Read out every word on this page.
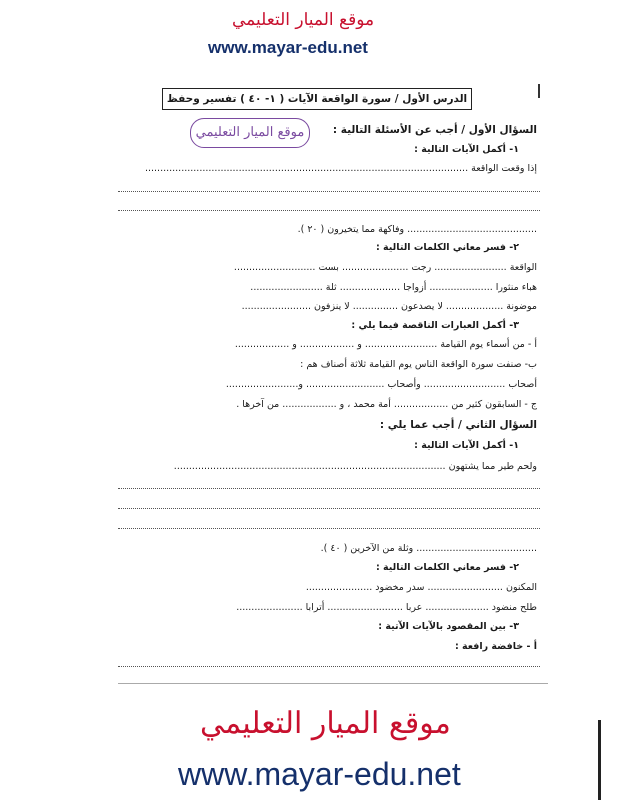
موقع الميار التعليمي
www.mayar-edu.net
الدرس الأول / سورة الواقعة الآيات ( ١- ٤٠ ) تفسير وحفظ
موقع الميار التعليمي	السؤال الأول / أجب عن الأسئلة التالية :
١- أكمل الآيات التالية :
إذا وقعت الواقعة ...........................................................................................................
........................................... وفاكهة مما يتخيرون ( ٢٠ ).
٢- فسر معاني الكلمات التالية :
الواقعة ........................ رجت ...................... بست ...........................
هباء منثورا ..................... أزواجا .................... ثلة ........................
موضونة ................... لا يصدعون ............... لا ينزفون .......................
٣- أكمل العبارات الناقصة فيما يلي :
أ - من أسماء يوم القيامة ........................ و .................. و ..................
ب- صنفت سورة الواقعة الناس يوم القيامة ثلاثة أصناف هم :
أصحاب ........................... وأصحاب .......................... و........................
ج - السابقون كثير من .................. أمة محمد ، و .................. من آخرها .
السؤال الثاني / أجب عما يلي :
١- أكمل الآيات التالية :
ولحم طير مما يشتهون ..........................................................................................
........................................ وثلة من الآخرين ( ٤٠ ).
٢- فسر معاني الكلمات التالية :
المكنون ......................... سدر مخضود ......................
طلح منضود ..................... عربا ......................... أترابا ......................
٣- بين المقصود بالآيات الآتية :
أ - خافضة رافعة :
موقع الميار التعليمي
www.mayar-edu.net
